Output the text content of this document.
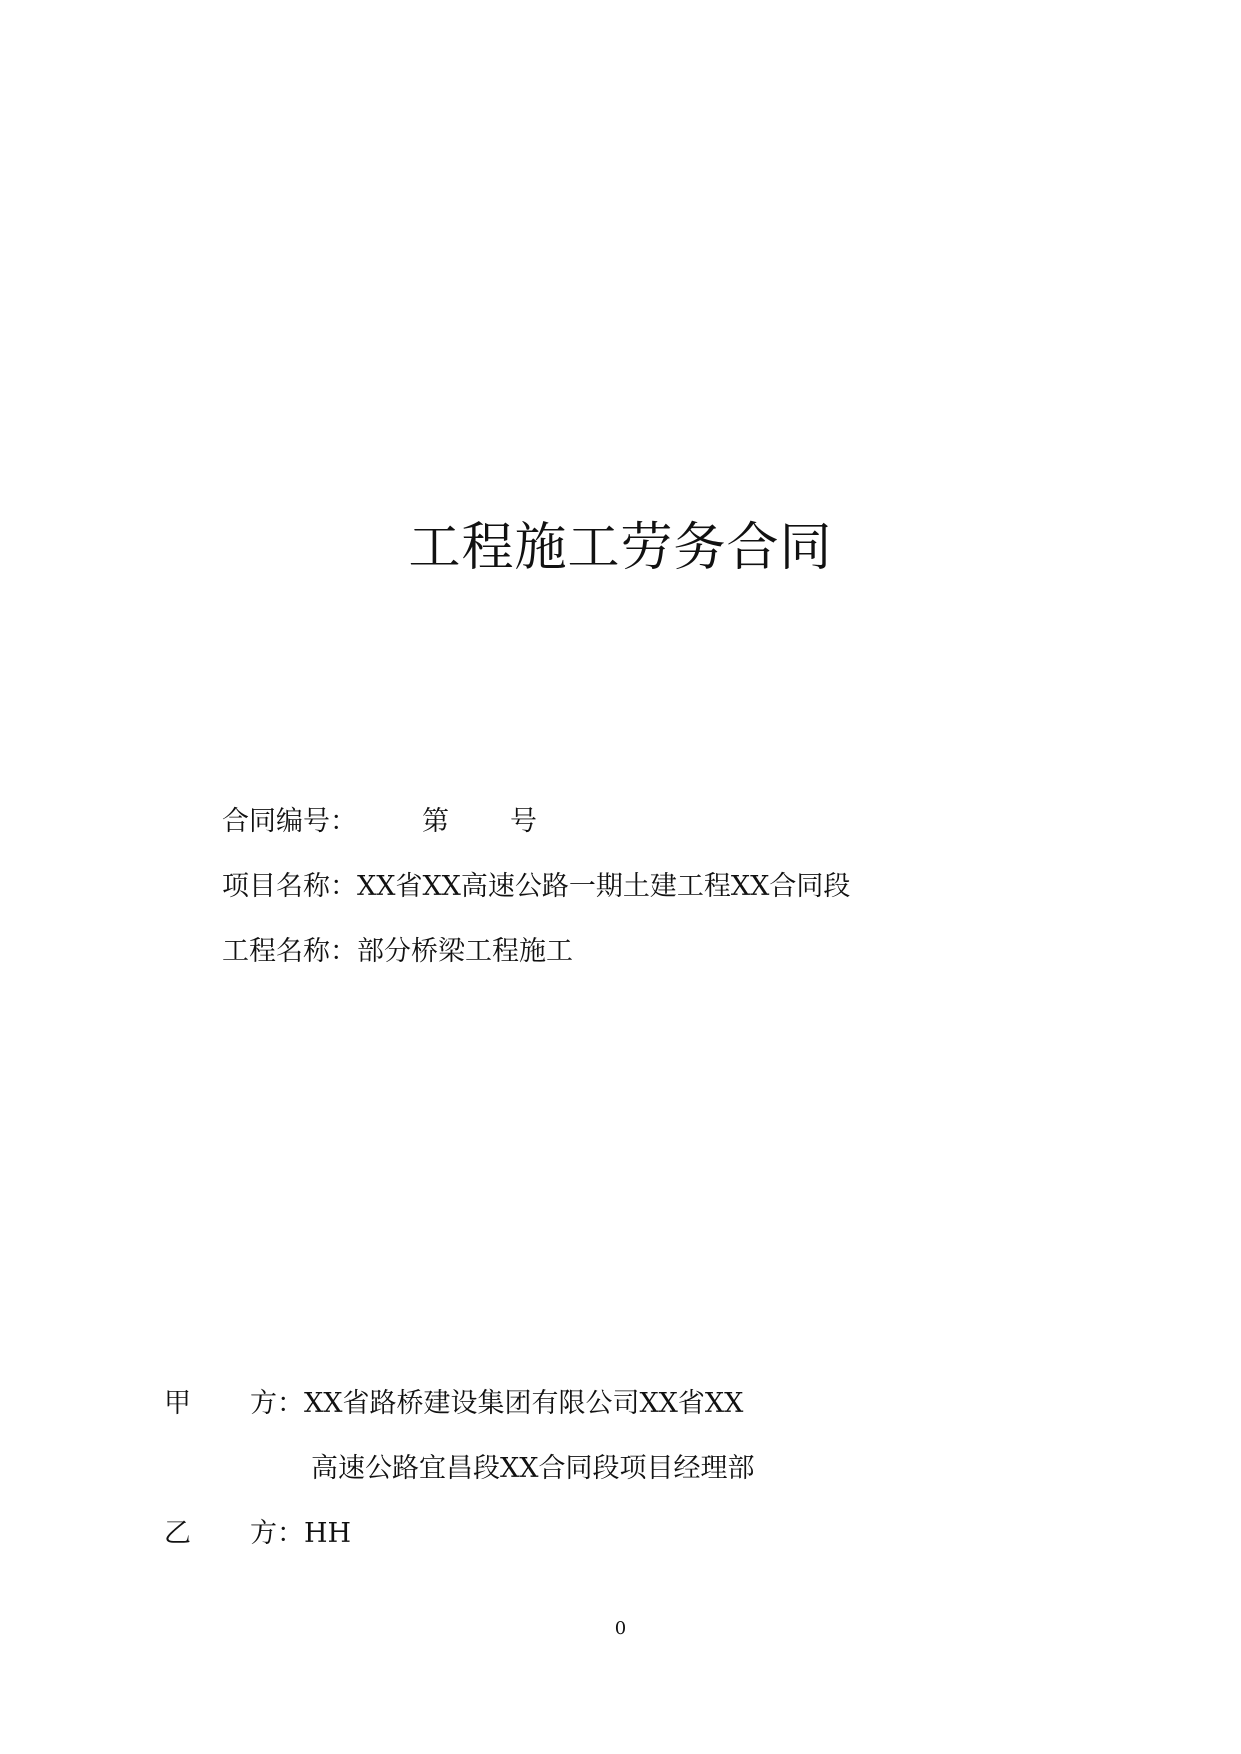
工程施工劳务合同
合同编号： 第 号
项目名称：XX省XX高速公路一期土建工程XX合同段
工程名称：部分桥梁工程施工
甲 方：XX省路桥建设集团有限公司XX省XX
高速公路宜昌段XX合同段项目经理部
乙 方：HH
0
